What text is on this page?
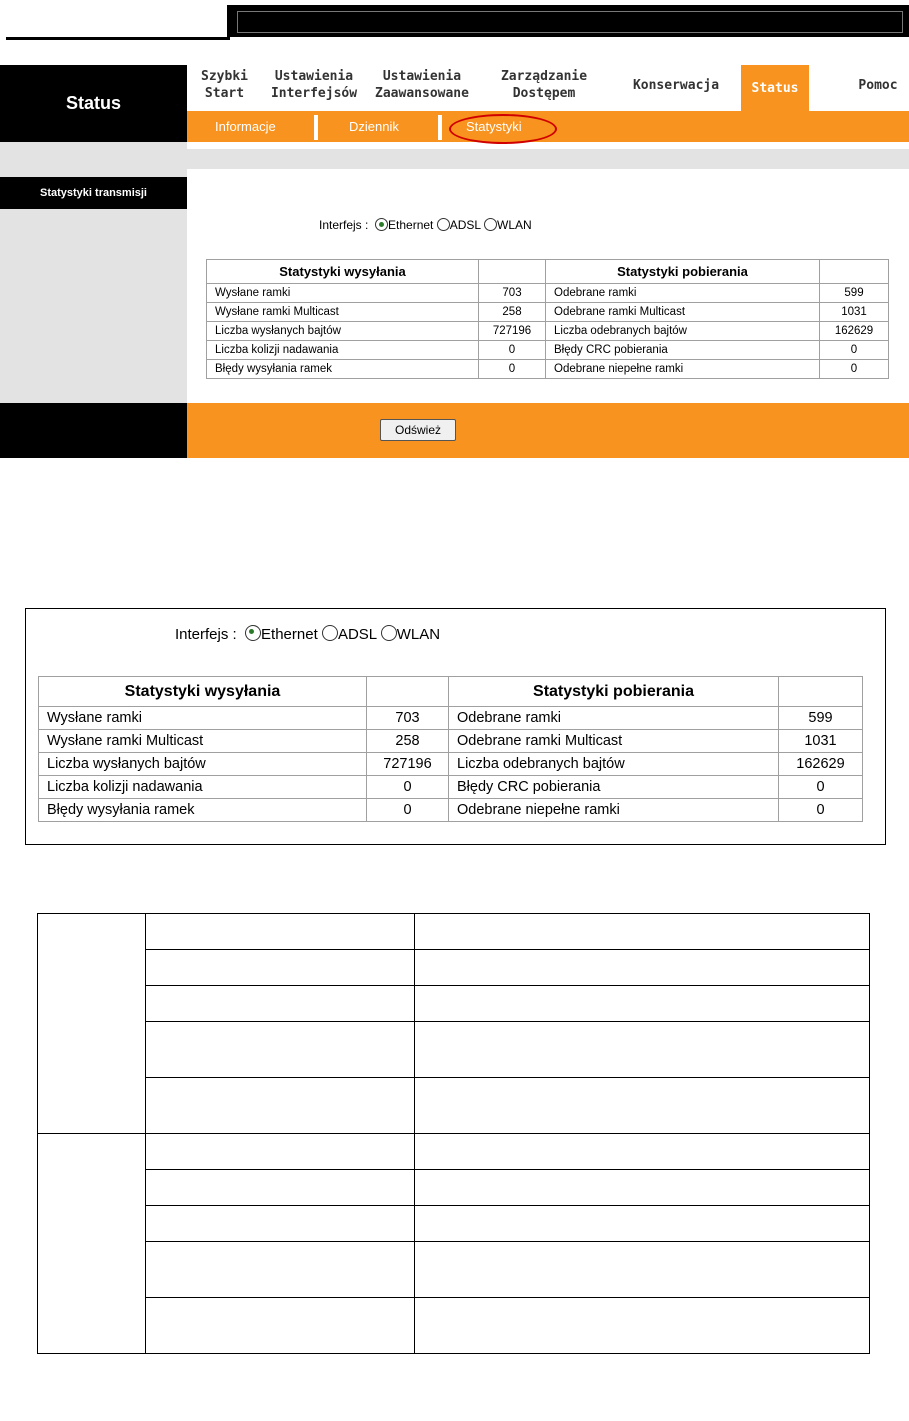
Status
Szybki
Start
Ustawienia
Interfejsów
Ustawienia
Zaawansowane
Zarządzanie
Dostępem
Konserwacja	Status	Pomoc
Informacje	Dziennik	Statystyki
Statystyki transmisji
Interfejs : Ethernet ADSL WLAN
Statystyki wysyłania		Statystyki pobierania	
Wysłane ramki	703	Odebrane ramki	599
Wysłane ramki Multicast	258	Odebrane ramki Multicast	1031
Liczba wysłanych bajtów	727196	Liczba odebranych bajtów	162629
Liczba kolizji nadawania	0	Błędy CRC pobierania	0
Błędy wysyłania ramek	0	Odebrane niepełne ramki	0
Odśwież
Interfejs : Ethernet ADSL WLAN
Statystyki wysyłania		Statystyki pobierania	
Wysłane ramki	703	Odebrane ramki	599
Wysłane ramki Multicast	258	Odebrane ramki Multicast	1031
Liczba wysłanych bajtów	727196	Liczba odebranych bajtów	162629
Liczba kolizji nadawania	0	Błędy CRC pobierania	0
Błędy wysyłania ramek	0	Odebrane niepełne ramki	0
